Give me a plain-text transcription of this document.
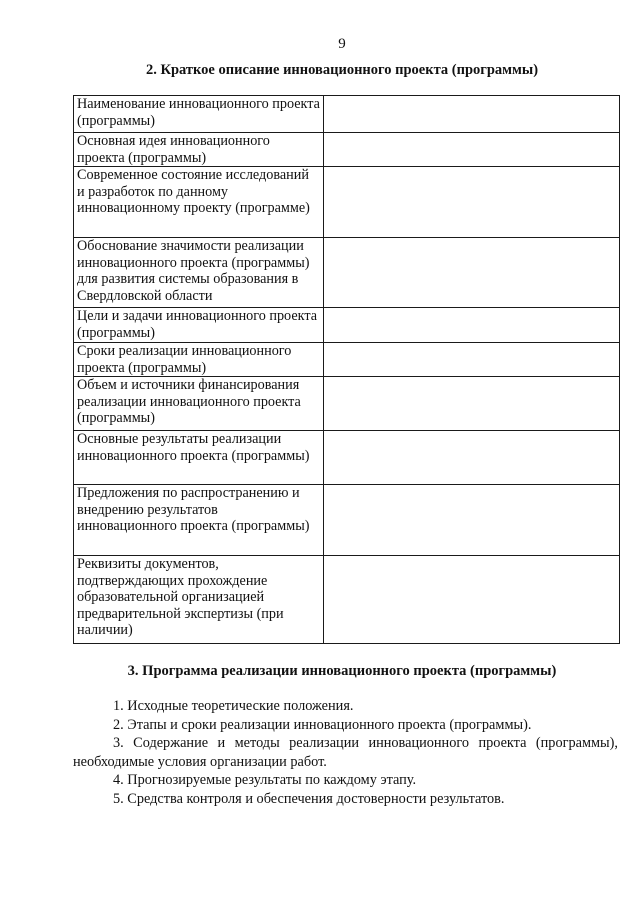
9
2. Краткое описание инновационного проекта (программы)
Наименование инновационного проекта (программы)	
Основная идея инновационного проекта (программы)	
Современное состояние исследований и разработок по данному инновационному проекту (программе)	
Обоснование значимости реализации инновационного проекта (программы) для развития системы образования в Свердловской области	
Цели и задачи инновационного проекта (программы)	
Сроки реализации инновационного проекта (программы)	
Объем и источники финансирования реализации инновационного проекта (программы)	
Основные результаты реализации инновационного проекта (программы)	
Предложения по распространению и внедрению результатов инновационного проекта (программы)	
Реквизиты документов, подтверждающих прохождение образовательной организацией предварительной экспертизы (при наличии)	
3. Программа реализации инновационного проекта (программы)
1. Исходные теоретические положения.
2. Этапы и сроки реализации инновационного проекта (программы).
3. Содержание и методы реализации инновационного проекта (программы), необходимые условия организации работ.
4. Прогнозируемые результаты по каждому этапу.
5. Средства контроля и обеспечения достоверности результатов.
